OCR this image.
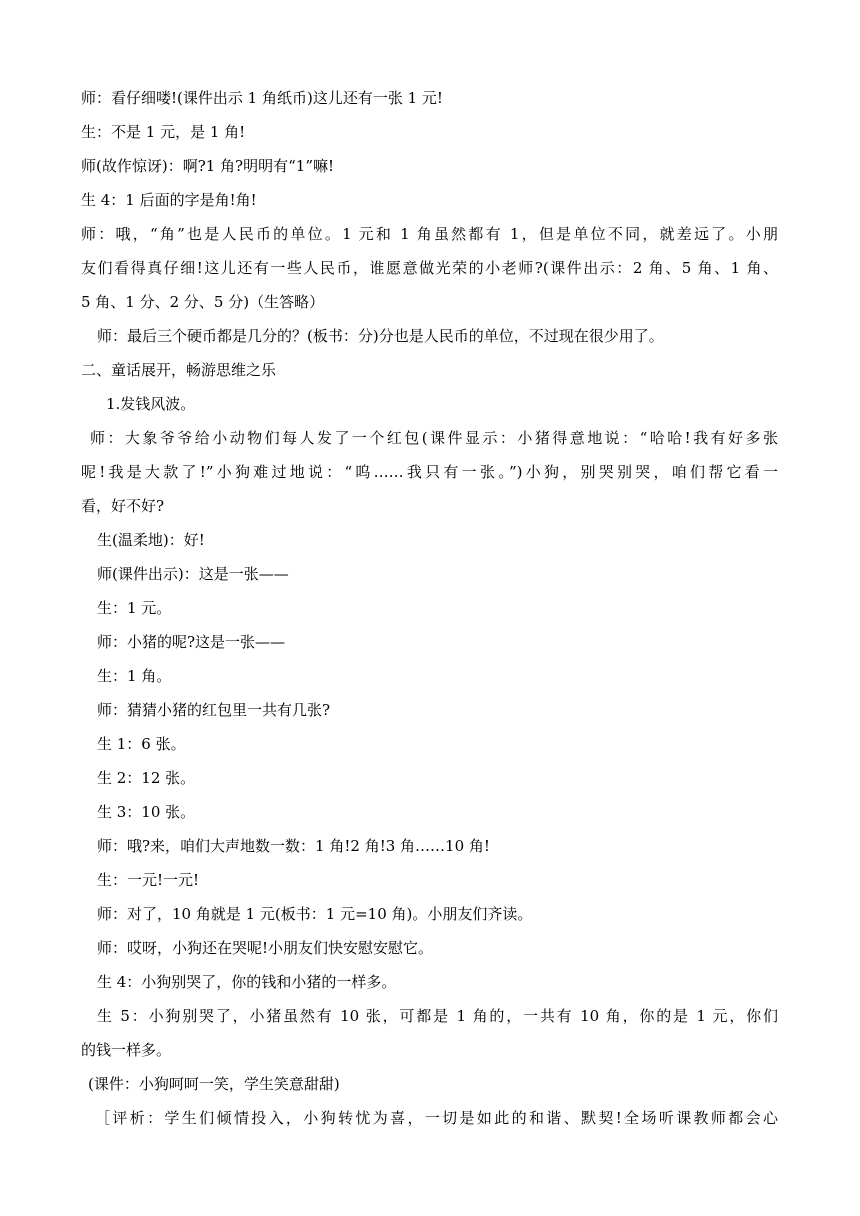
师：看仔细喽!(课件出示 1 角纸币)这儿还有一张 1 元!
生：不是 1 元，是 1 角!
师(故作惊讶)：啊?1 角?明明有“1”嘛!
生 4：1 后面的字是角!角!
师：哦，“角”也是人民币的单位。1 元和 1 角虽然都有 1，但是单位不同，就差远了。小朋
友们看得真仔细!这儿还有一些人民币，谁愿意做光荣的小老师?(课件出示：2 角、5 角、1 角、
5 角、1 分、2 分、5 分)（生答略）
师：最后三个硬币都是几分的？(板书：分)分也是人民币的单位，不过现在很少用了。
二、童话展开，畅游思维之乐
1.发钱风波。
师：大象爷爷给小动物们每人发了一个红包(课件显示：小猪得意地说：“哈哈!我有好多张
呢!我是大款了!”小狗难过地说：“呜……我只有一张。”)小狗，别哭别哭，咱们帮它看一
看，好不好?
生(温柔地)：好!
师(课件出示)：这是一张——
生：1 元。
师：小猪的呢?这是一张——
生：1 角。
师：猜猜小猪的红包里一共有几张?
生 1：6 张。
生 2：12 张。
生 3：10 张。
师：哦?来，咱们大声地数一数：1 角!2 角!3 角……10 角!
生：一元!一元!
师：对了，10 角就是 1 元(板书：1 元=10 角)。小朋友们齐读。
师：哎呀，小狗还在哭呢!小朋友们快安慰安慰它。
生 4：小狗别哭了，你的钱和小猪的一样多。
生 5：小狗别哭了，小猪虽然有 10 张，可都是 1 角的，一共有 10 角，你的是 1 元，你们
的钱一样多。
(课件：小狗呵呵一笑，学生笑意甜甜)
［评析：学生们倾情投入，小狗转忧为喜，一切是如此的和谐、默契!全场听课教师都会心
